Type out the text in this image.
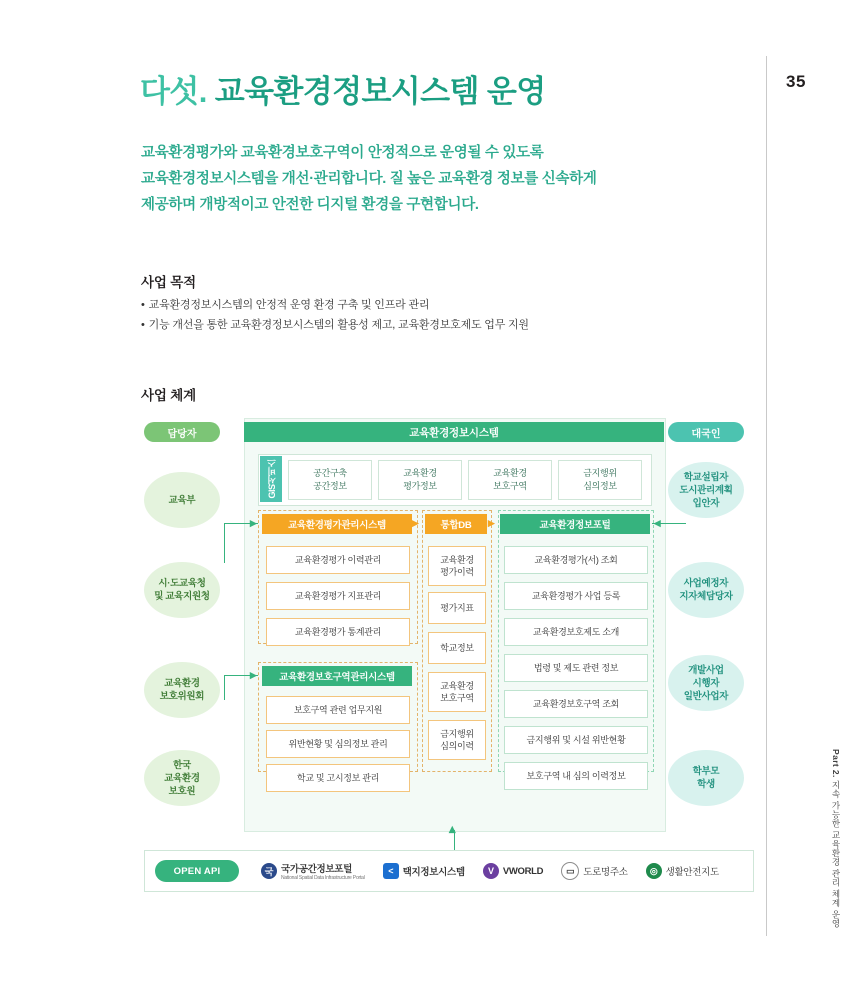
35
Part 2. 지속 가능한 교육환경 관리 체계 운영
다섯. 교육환경정보시스템 운영
교육환경평가와 교육환경보호구역이 안정적으로 운영될 수 있도록
교육환경정보시스템을 개선·관리합니다. 질 높은 교육환경 정보를 신속하게
제공하며 개방적이고 안전한 디지털 환경을 구현합니다.
사업 목적
• 교육환경정보시스템의 안정적 운영 환경 구축 및 인프라 관리
• 기능 개선을 통한 교육환경정보시스템의 활용성 제고, 교육환경보호제도 업무 지원
사업 체계
담당자	대국인
교육부
시·도교육청
및 교육지원청
교육환경
보호위원회
한국
교육환경
보호원
학교설립자
도시관리계획
입안자
사업예정자
지자체담당자
개발사업
시행자
일반사업자
학부모
학생
교육환경정보시스템
GIS서비스	공간구축
공간정보
교육환경
평가정보
교육환경
보호구역
금지행위
심의정보
교육환경평가관리시스템	통합DB	교육환경정보포털
교육환경평가 이력관리
교육환경평가 지표관리
교육환경평가 통계관리
교육환경보호구역관리시스템
보호구역 관련 업무지원
위반현황 및 심의정보 관리
학교 및 고시정보 관리
교육환경
평가이력
평가지표
학교정보
교육환경
보호구역
금지행위
심의이력
교육환경평가(서) 조회
교육환경평가 사업 등록
교육환경보호제도 소개
법령 및 제도 관련 정보
교육환경보호구역 조회
금지행위 및 시설 위반현황
보호구역 내 심의 이력정보
▸
▸
▸	▸	◂
▴
OPEN API	국 국가공간정보포털
National Spatial Data Infrastructure Portal
<	택지정보시스템	V VWORLD	▭ 도로명주소	◎ 생활안전지도
